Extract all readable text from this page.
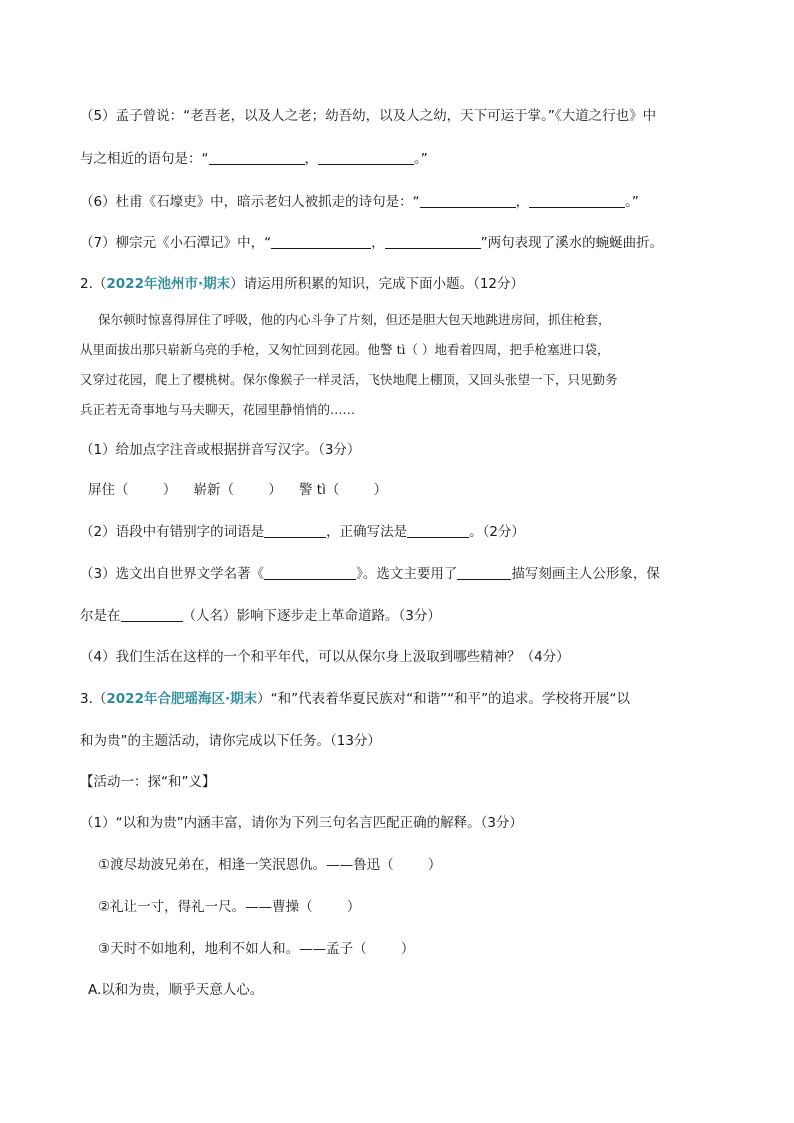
（5）孟子曾说：“老吾老，以及人之老；幼吾幼，以及人之幼，天下可运于掌。”《大道之行也》中
与之相近的语句是：“	，	。”
（6）杜甫《石壕吏》中，暗示老妇人被抓走的诗句是：“	，	。”
（7）柳宗元《小石潭记》中，“	，	”两句表现了溪水的蜿蜒曲折。
2.（2022年池州市·期末）请运用所积累的知识，完成下面小题。（12分）
保尔顿时惊喜得屏住了呼吸，他的内心斗争了片刻，但还是胆大包天地跳进房间，抓住枪套，
从里面拔出那只崭新乌亮的手枪，又匆忙回到花园。他警 tì（ ）地看着四周，把手枪塞进口袋，
又穿过花园，爬上了樱桃树。保尔像猴子一样灵活，飞快地爬上棚顶，又回头张望一下，只见勤务
兵正若无奇事地与马夫聊天，花园里静悄悄的……
（1）给加点字注音或根据拼音写汉字。（3分）
屏住（        ）    崭新（        ）    警 tì（        ）
（2）语段中有错别字的词语是	，正确写法是	。（2分）
（3）选文出自世界文学名著《	》。选文主要用了	描写刻画主人公形象，保
尔是在	（人名）影响下逐步走上革命道路。（3分）
（4）我们生活在这样的一个和平年代，可以从保尔身上汲取到哪些精神？（4分）
3.（2022年合肥瑶海区·期末）“和”代表着华夏民族对“和谐”“和平”的追求。学校将开展“以
和为贵”的主题活动，请你完成以下任务。（13分）
【活动一：探“和”义】
（1）“以和为贵”内涵丰富，请你为下列三句名言匹配正确的解释。（3分）
①渡尽劫波兄弟在，相逢一笑泯恩仇。——鲁迅（        ）
②礼让一寸，得礼一尺。——曹操（        ）
③天时不如地利，地利不如人和。——孟子（        ）
A.以和为贵，顺乎天意人心。
